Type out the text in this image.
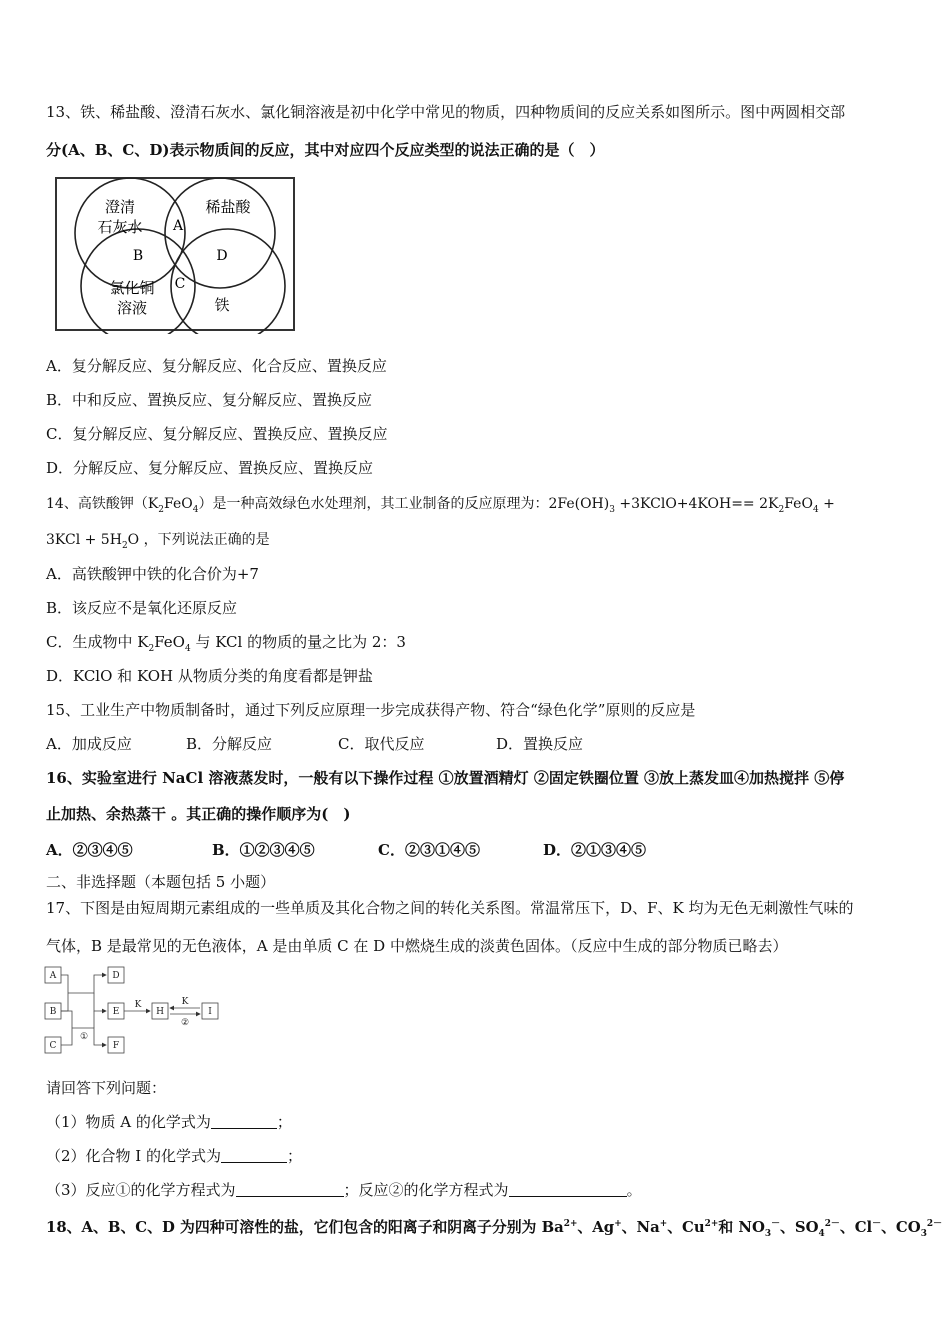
13、铁、稀盐酸、澄清石灰水、氯化铜溶液是初中化学中常见的物质，四种物质间的反应关系如图所示。图中两圆相交部
分(A、B、C、D)表示物质间的反应，其中对应四个反应类型的说法正确的是（　）
澄清
石灰水
稀盐酸
氯化铜
溶液	铁
A
B
C
D
A．复分解反应、复分解反应、化合反应、置换反应
B．中和反应、置换反应、复分解反应、置换反应
C．复分解反应、复分解反应、置换反应、置换反应
D．分解反应、复分解反应、置换反应、置换反应
14、高铁酸钾$(K_2FeO_4)$是一种高效绿色水处理剂，其工业制备的反应原理为：$2Fe(OH)_3$ +3KClO+4KOH== $2K_2FeO_4$ +
$3KCl + 5H_2O$ ，下列说法正确的是
A．高铁酸钾中铁的化合价为+7
B．该反应不是氧化还原反应
C．生成物中 $K_2FeO_4$ 与 KCl 的物质的量之比为 2：3
D．KClO 和 KOH 从物质分类的角度看都是钾盐
15、工业生产中物质制备时，通过下列反应原理一步完成获得产物、符合“绿色化学”原则的反应是
A．加成反应	B．分解反应	C．取代反应	D．置换反应
16、实验室进行 NaCl 溶液蒸发时，一般有以下操作过程 ①放置酒精灯 ②固定铁圈位置 ③放上蒸发皿④加热搅拌 ⑤停
止加热、余热蒸干 。其正确的操作顺序为(　)
A．②③④⑤	B．①②③④⑤	C．②③①④⑤	D．②①③④⑤
二、非选择题（本题包括 5 小题）
17、下图是由短周期元素组成的一些单质及其化合物之间的转化关系图。常温常压下，D、F、K 均为无色无刺激性气味的
气体，B 是最常见的无色液体，A 是由单质 C 在 D 中燃烧生成的淡黄色固体。（反应中生成的部分物质已略去）
A
B
C
D
E
F
H	I
K	K
①
②
请回答下列问题：
（1）物质 A 的化学式为	；
（2）化合物 I 的化学式为	；
（3）反应①的化学方程式为	；反应②的化学方程式为	。
18、A、B、C、D 为四种可溶性的盐，它们包含的阳离子和阴离子分别为 $Ba^{2+}$、Ag+、Na+、$Cu^{2+}$和 $NO_3^-$、$SO_4^{2-}$、Cl－、$CO_3^{2-}$
